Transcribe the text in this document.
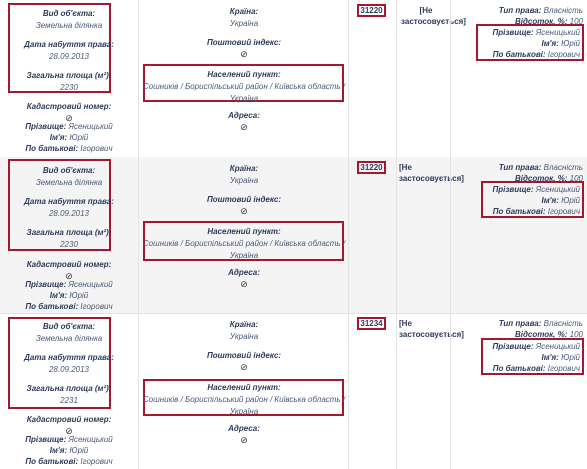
Вид об'єкта:
Земельна ділянка
Дата набуття права:
28.09.2013
Загальна площа (м²):
2230
Кадастровий номер:
⊘
Прізвище: Ясеницький
Ім'я: Юрій
По батькові: Ігорович
Країна:
Україна
Поштовий індекс:
⊘
Населений пункт:
Сошників / Бориспільський район / Київська область /
Україна
Адреса:
⊘
31220	[Не застосовується]
Тип права: Власність
Відсоток, %: 100
Прізвище: Ясеницький
Ім'я: Юрій
По батькові: Ігорович
Вид об'єкта:
Земельна ділянка
Дата набуття права:
28.09.2013
Загальна площа (м²):
2230
Кадастровий номер:
⊘
Прізвище: Ясеницький
Ім'я: Юрій
По батькові: Ігорович
Країна:
Україна
Поштовий індекс:
⊘
Населений пункт:
Сошників / Бориспільський район / Київська область /
Україна
Адреса:
⊘
31220	[Не застосовується]
Тип права: Власність
Відсоток, %: 100
Прізвище: Ясеницький
Ім'я: Юрій
По батькові: Ігорович
Вид об'єкта:
Земельна ділянка
Дата набуття права:
28.09.2013
Загальна площа (м²):
2231
Кадастровий номер:
⊘
Прізвище: Ясеницький
Ім'я: Юрій
По батькові: Ігорович
Країна:
Україна
Поштовий індекс:
⊘
Населений пункт:
Сошників / Бориспільський район / Київська область /
Україна
Адреса:
⊘
31234	[Не застосовується]
Тип права: Власність
Відсоток, %: 100
Прізвище: Ясеницький
Ім'я: Юрій
По батькові: Ігорович
